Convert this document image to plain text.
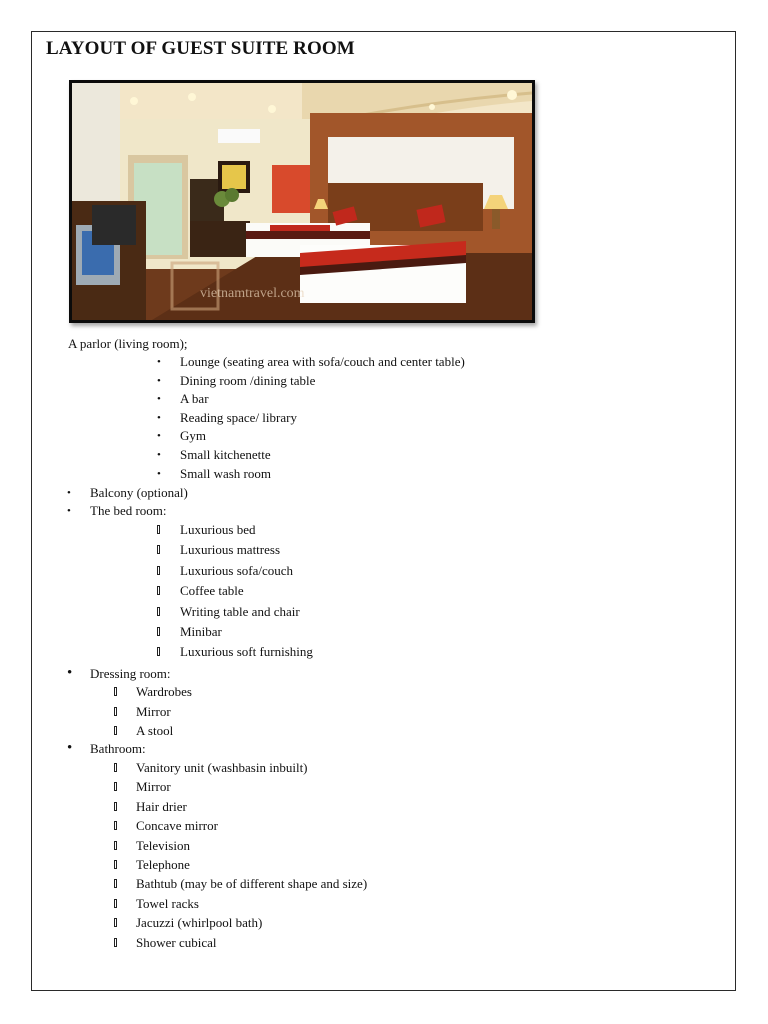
LAYOUT OF GUEST SUITE ROOM
vietnamtravel.com
A parlor (living room);
• Lounge (seating area with sofa/couch and center table)
• Dining room /dining table
• A bar
• Reading space/ library
• Gym
• Small kitchenette
• Small wash room
• Balcony (optional)
• The bed room:
Luxurious bed
Luxurious mattress
Luxurious sofa/couch
Coffee table
Writing table and chair
Minibar
Luxurious soft furnishing
• Dressing room:
Wardrobes
Mirror
A stool
• Bathroom:
Vanitory unit (washbasin inbuilt)
Mirror
Hair drier
Concave mirror
Television
Telephone
Bathtub (may be of different shape and size)
Towel racks
Jacuzzi (whirlpool bath)
Shower cubical
